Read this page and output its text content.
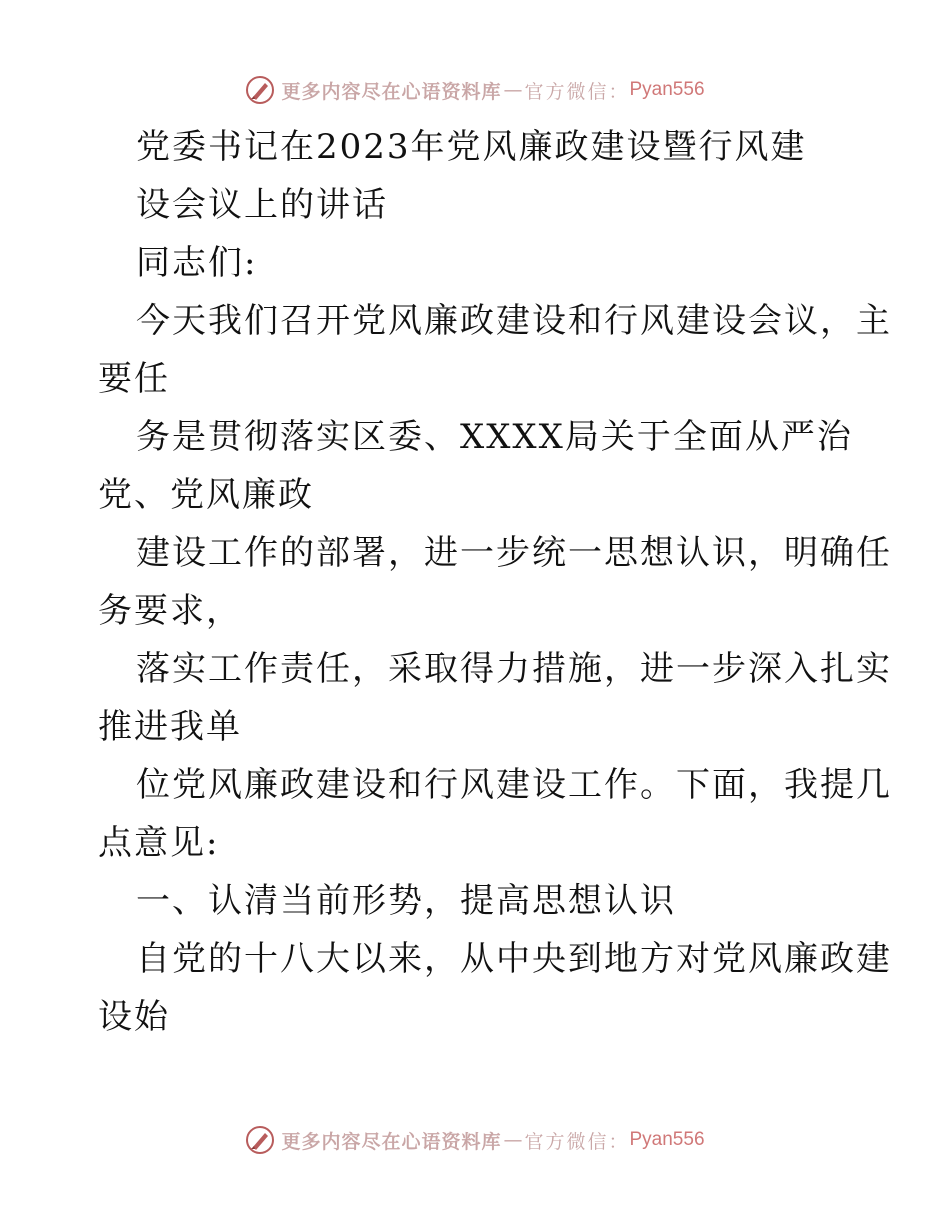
更多内容尽在心语资料库 — 官方微信： Pyan556
党委书记在2023年党风廉政建设暨行风建
设会议上的讲话
同志们:
今天我们召开党风廉政建设和行风建设会议，主
要任
务是贯彻落实区委、XXXX局关于全面从严治
党、党风廉政
建设工作的部署，进一步统一思想认识，明确任
务要求，
落实工作责任，采取得力措施，进一步深入扎实
推进我单
位党风廉政建设和行风建设工作。下面，我提几
点意见:
一、认清当前形势，提高思想认识
自党的十八大以来，从中央到地方对党风廉政建
设始
更多内容尽在心语资料库 — 官方微信： Pyan556
